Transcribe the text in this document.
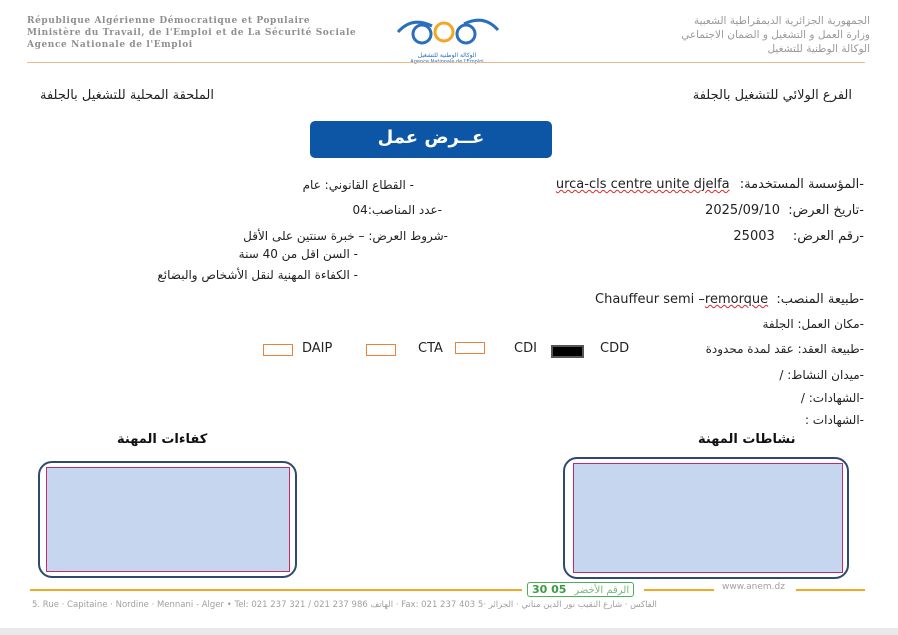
République Algérienne Démocratique et Populaire
Ministère du Travail, de l'Emploi et de La Sécurité Sociale
Agence Nationale de l'Emploi
الجمهورية الجزائرية الديمقراطية الشعبية
وزارة العمل و التشغيل و الضمان الاجتماعي
الوكالة الوطنية للتشغيل
الوكالة الوطنية للتشغيل
Agence Nationale de l'Emploi
الملحقة المحلية للتشغيل بالجلفة	الفرع الولائي للتشغيل بالجلفة
عــرض عمل
-المؤسسة المستخدمة: urca-cls centre unite djelfa
-تاريخ العرض: 2025/09/10
-رقم العرض: 25003
- القطاع القانوني: عام
-عدد المناصب:04
-شروط العرض: – خبرة سنتين على الأقل
- السن اقل من 40 سنة
- الكفاءة المهنية لنقل الأشخاص والبضائع
-طبيعة المنصب: Chauffeur semi –remorque
-مكان العمل: الجلفة
-طبيعة العقد: عقد لمدة محدودة
CDD
CDI
CTA
DAIP
-ميدان النشاط: /
-الشهادات: /
-الشهادات :
نشاطات المهنة
كفاءات المهنة
30 05 الرقم الأخضر	www.anem.dz
5. Rue · Capitaine · Nordine · Mennani - Alger • Tel: 021 237 321 / 021 237 986 الهاتف · Fax: 021 237 403 الفاكس · شارع النقيب نور الدين مناني · الجزائر ·5
